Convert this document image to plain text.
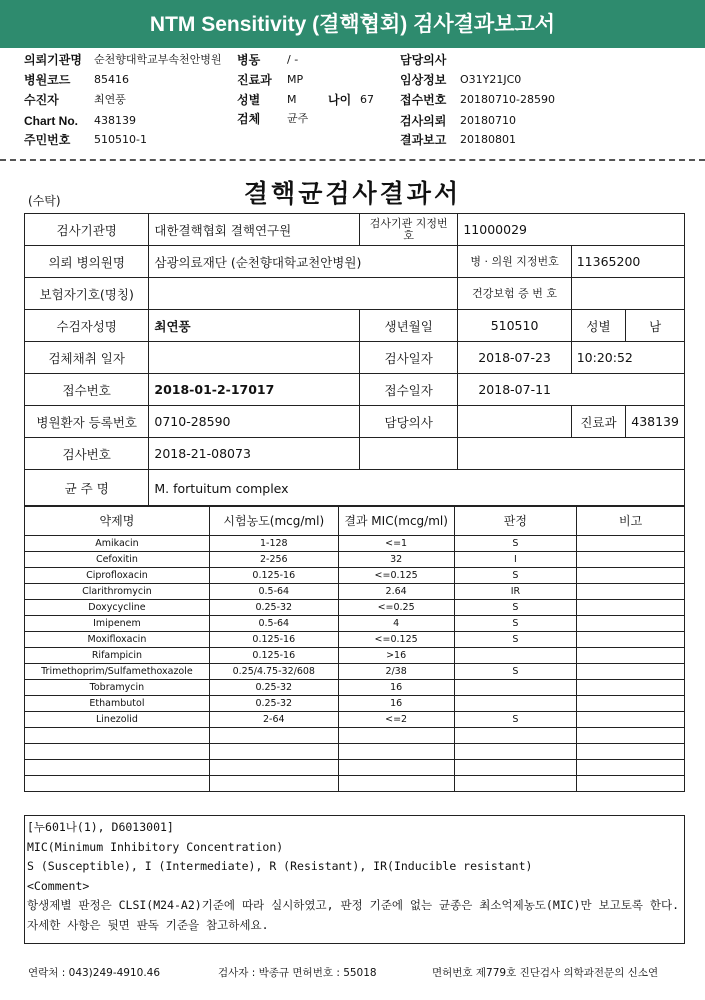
NTM Sensitivity (결핵협회) 검사결과보고서
의뢰기관명 순천향대학교부속천안병원 병동 / -	담당의사
병원코드 85416	진료과 MP	임상정보 O31Y21JC0
수진자	최연풍	성별 M	나이 67 접수번호 20180710-28590
Chart No. 438139	검체 균주	검사의뢰 20180710
주민번호 510510-1	결과보고 20180801
결핵균검사결과서
(수탁)
검사기관명	대한결핵협회 결핵연구원	검사기관 지정번호	11000029		
의뢰 병의원명	삼광의료재단 (순천향대학교천안병원)		병 · 의원 지정번호	11365200	
보험자기호(명칭)			건강보험 증 번 호		
수검자성명	최연풍	생년월일	510510	성별	남
검체채취 일자		검사일자	2018-07-23	10:20:52	
접수번호	2018-01-2-17017	접수일자	2018-07-11		
병원환자 등록번호	0710-28590	담당의사		진료과	438139
검사번호	2018-21-08073				
균 주 명	M. fortuitum complex				
약제명	시험농도(mcg/ml)	결과 MIC(mcg/ml)	판정	비고
Amikacin	1-128	<=1	S	
Cefoxitin	2-256	32	I	
Ciprofloxacin	0.125-16	<=0.125	S	
Clarithromycin	0.5-64	2.64	IR	
Doxycycline	0.25-32	<=0.25	S	
Imipenem	0.5-64	4	S	
Moxifloxacin	0.125-16	<=0.125	S	
Rifampicin	0.125-16	>16		
Trimethoprim/Sulfamethoxazole	0.25/4.75-32/608	2/38	S	
Tobramycin	0.25-32	16		
Ethambutol	0.25-32	16		
Linezolid	2-64	<=2	S	

[누601나(1), D6013001]
MIC(Minimum Inhibitory Concentration)
S (Susceptible), I (Intermediate), R (Resistant), IR(Inducible resistant)
<Comment>
항생제별 판정은 CLSI(M24-A2)기준에 따라 실시하였고, 판정 기준에 없는 균종은 최소억제농도(MIC)만 보고토록 한다. 자세한 사항은 뒷면 판독 기준을 참고하세요.
연락처 : 043)249-4910.46	검사자 : 박종규 면허번호 : 55018	면허번호 제779호 진단검사 의학과전문의 신소연
